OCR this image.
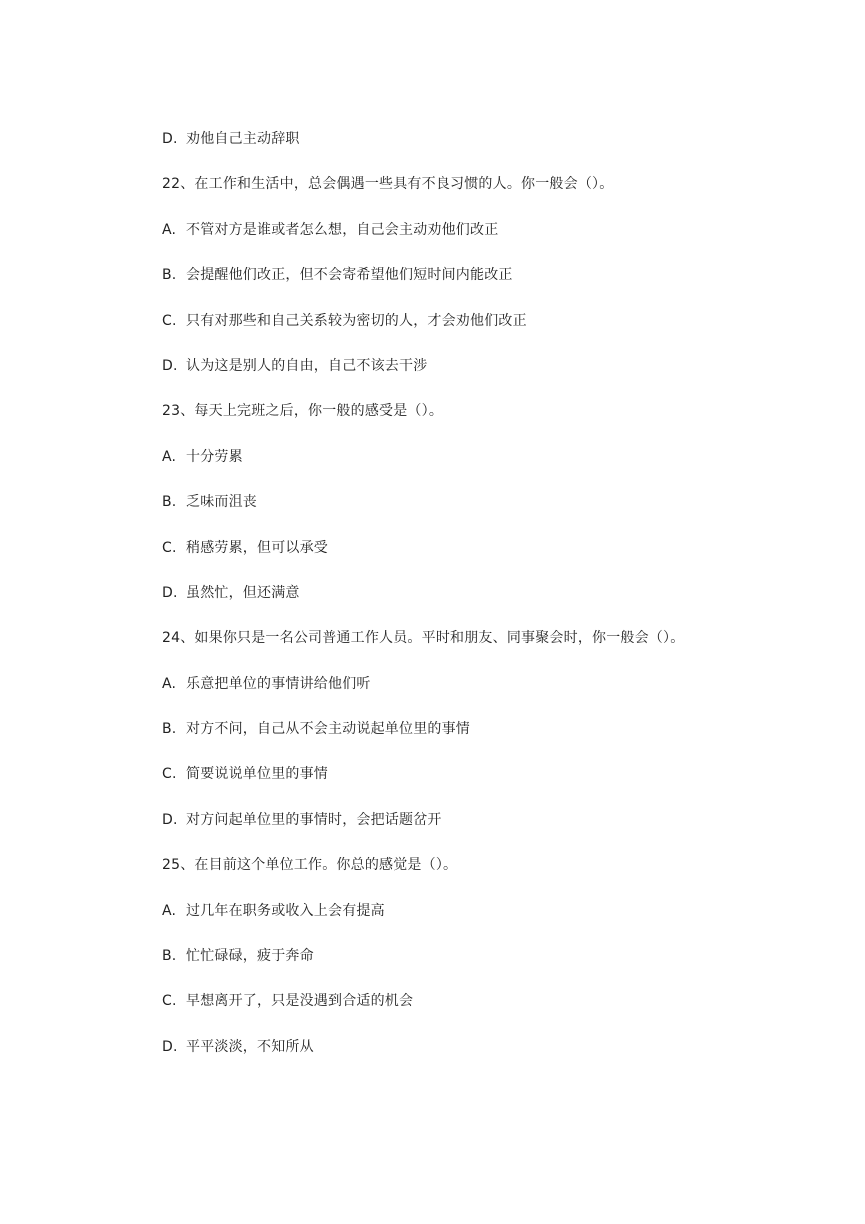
D. 劝他自己主动辞职
22、在工作和生活中，总会偶遇一些具有不良习惯的人。你一般会（）。
A. 不管对方是谁或者怎么想，自己会主动劝他们改正
B. 会提醒他们改正，但不会寄希望他们短时间内能改正
C. 只有对那些和自己关系较为密切的人，才会劝他们改正
D. 认为这是别人的自由，自己不该去干涉
23、每天上完班之后，你一般的感受是（）。
A. 十分劳累
B. 乏味而沮丧
C. 稍感劳累，但可以承受
D. 虽然忙，但还满意
24、如果你只是一名公司普通工作人员。平时和朋友、同事聚会时，你一般会（）。
A. 乐意把单位的事情讲给他们听
B. 对方不问，自己从不会主动说起单位里的事情
C. 简要说说单位里的事情
D. 对方问起单位里的事情时，会把话题岔开
25、在目前这个单位工作。你总的感觉是（）。
A. 过几年在职务或收入上会有提高
B. 忙忙碌碌，疲于奔命
C. 早想离开了，只是没遇到合适的机会
D. 平平淡淡，不知所从
